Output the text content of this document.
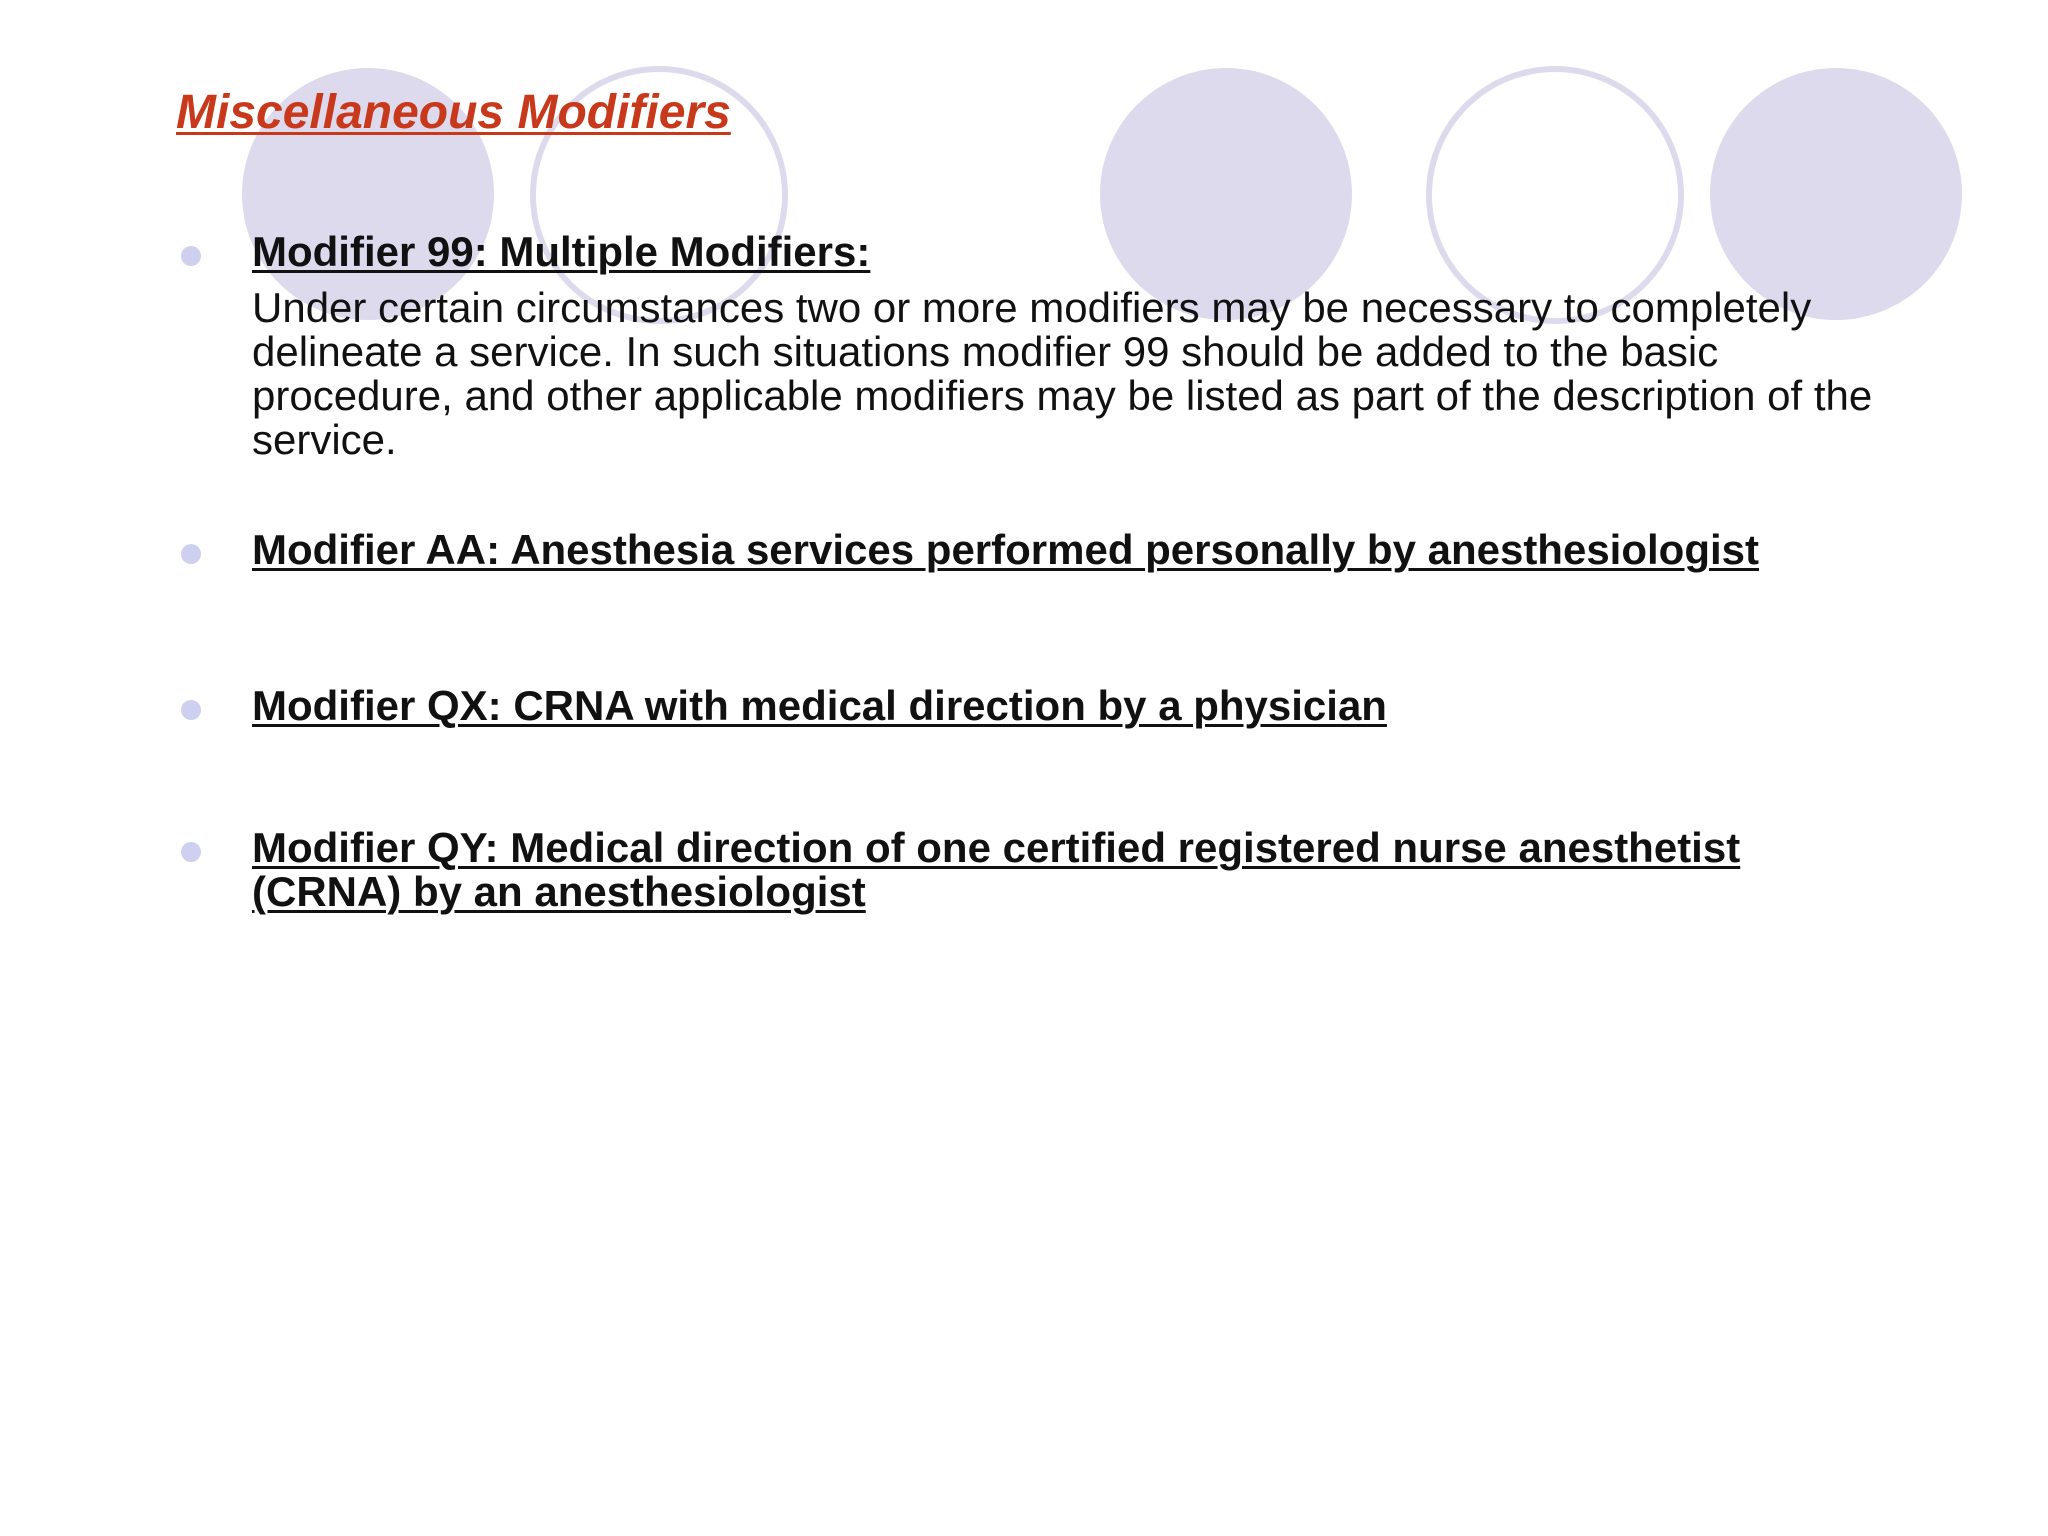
Miscellaneous Modifiers
Modifier 99: Multiple Modifiers:
Under certain circumstances two or more modifiers may be necessary to completely delineate a service. In such situations modifier 99 should be added to the basic procedure, and other applicable modifiers may be listed as part of the description of the service.
Modifier AA: Anesthesia services performed personally by anesthesiologist
Modifier QX: CRNA with medical direction by a physician
Modifier QY: Medical direction of one certified registered nurse anesthetist (CRNA) by an anesthesiologist
